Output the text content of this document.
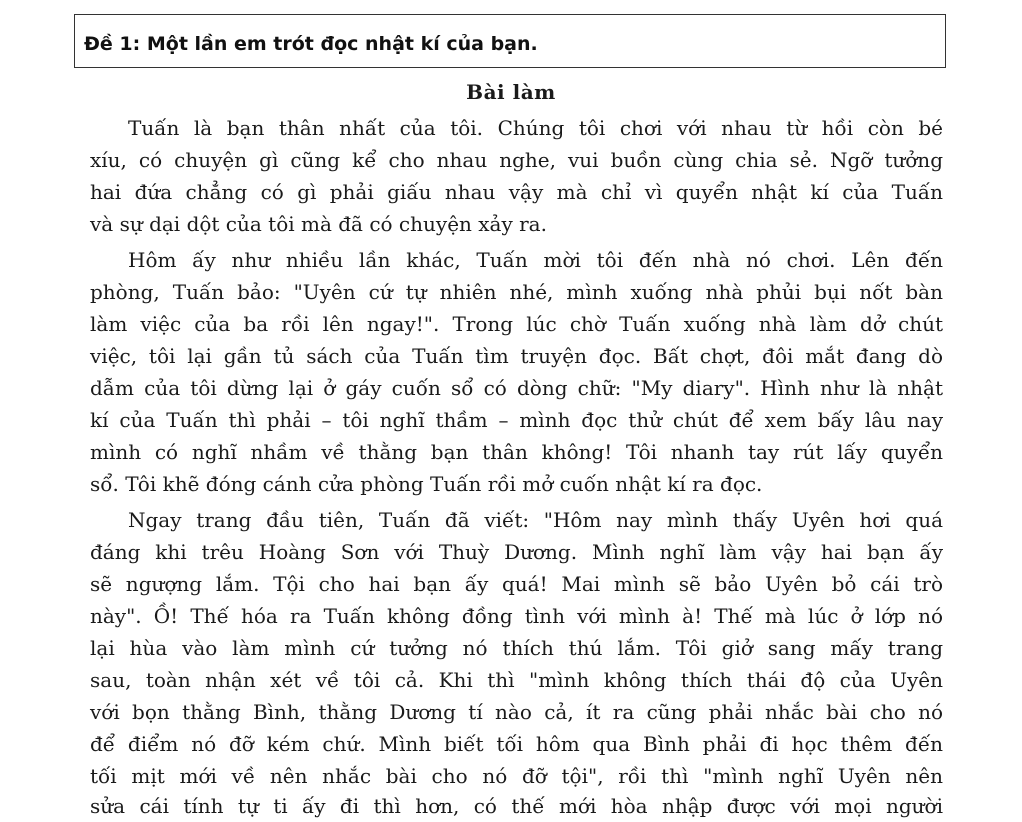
Đề 1: Một lần em trót đọc nhật kí của bạn.
Bài làm
Tuấn là bạn thân nhất của tôi. Chúng tôi chơi với nhau từ hồi còn bé
xíu, có chuyện gì cũng kể cho nhau nghe, vui buồn cùng chia sẻ. Ngỡ tưởng
hai đứa chẳng có gì phải giấu nhau vậy mà chỉ vì quyển nhật kí của Tuấn
và sự dại dột của tôi mà đã có chuyện xảy ra.
Hôm ấy như nhiều lần khác, Tuấn mời tôi đến nhà nó chơi. Lên đến
phòng, Tuấn bảo: "Uyên cứ tự nhiên nhé, mình xuống nhà phủi bụi nốt bàn
làm việc của ba rồi lên ngay!". Trong lúc chờ Tuấn xuống nhà làm dở chút
việc, tôi lại gần tủ sách của Tuấn tìm truyện đọc. Bất chợt, đôi mắt đang dò
dẫm của tôi dừng lại ở gáy cuốn sổ có dòng chữ: "My diary". Hình như là nhật
kí của Tuấn thì phải – tôi nghĩ thầm – mình đọc thử chút để xem bấy lâu nay
mình có nghĩ nhầm về thằng bạn thân không! Tôi nhanh tay rút lấy quyển
sổ. Tôi khẽ đóng cánh cửa phòng Tuấn rồi mở cuốn nhật kí ra đọc.
Ngay trang đầu tiên, Tuấn đã viết: "Hôm nay mình thấy Uyên hơi quá
đáng khi trêu Hoàng Sơn với Thuỳ Dương. Mình nghĩ làm vậy hai bạn ấy
sẽ ngượng lắm. Tội cho hai bạn ấy quá! Mai mình sẽ bảo Uyên bỏ cái trò
này". Ồ! Thế hóa ra Tuấn không đồng tình với mình à! Thế mà lúc ở lớp nó
lại hùa vào làm mình cứ tưởng nó thích thú lắm. Tôi giở sang mấy trang
sau, toàn nhận xét về tôi cả. Khi thì "mình không thích thái độ của Uyên
với bọn thằng Bình, thằng Dương tí nào cả, ít ra cũng phải nhắc bài cho nó
để điểm nó đỡ kém chứ. Mình biết tối hôm qua Bình phải đi học thêm đến
tối mịt mới về nên nhắc bài cho nó đỡ tội", rồi thì "mình nghĩ Uyên nên
sửa cái tính tự ti ấy đi thì hơn, có thế mới hòa nhập được với mọi người
